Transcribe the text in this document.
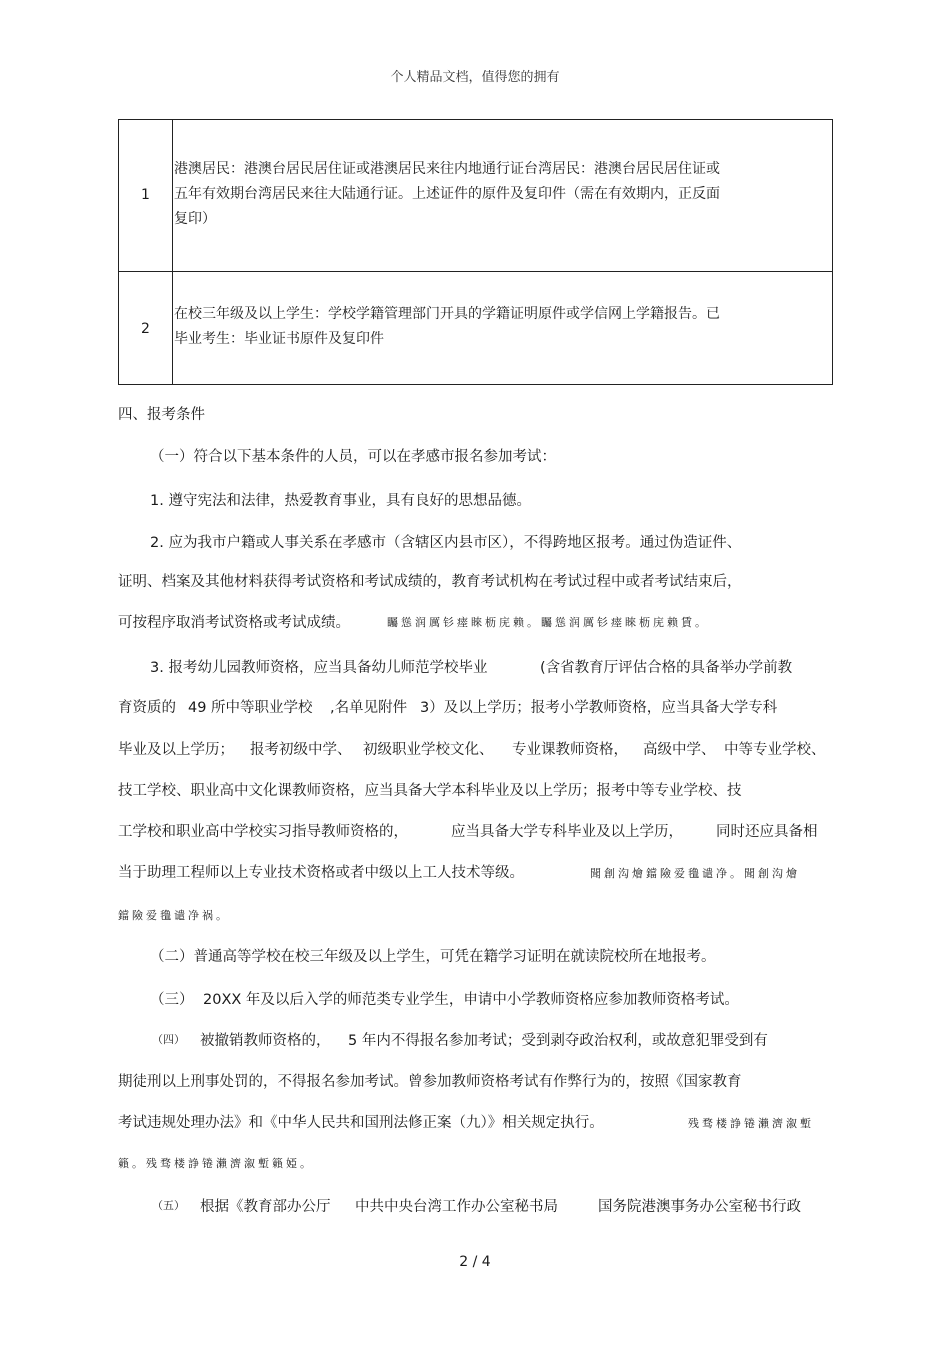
个人精品文档，值得您的拥有
1
港澳居民：港澳台居民居住证或港澳居民来往内地通行证台湾居民：港澳台居民居住证或
五年有效期台湾居民来往大陆通行证。上述证件的原件及复印件（需在有效期内，正反面
复印）
2
在校三年级及以上学生：学校学籍管理部门开具的学籍证明原件或学信网上学籍报告。已
毕业考生：毕业证书原件及复印件
四、报考条件
（一）符合以下基本条件的人员，可以在孝感市报名参加考试：
1. 遵守宪法和法律，热爱教育事业，具有良好的思想品德。
2. 应为我市户籍或人事关系在孝感市（含辖区内县市区），不得跨地区报考。通过伪造证件、
证明、档案及其他材料获得考试资格和考试成绩的，教育考试机构在考试过程中或者考试结束后，
可按程序取消考试资格或考试成绩。	矚慫润厲钐瘗睞枥庑赖。矚慫润厲钐瘗睞枥庑赖賃。
3. 报考幼儿园教师资格，应当具备幼儿师范学校毕业	(含省教育厅评估合格的具备举办学前教
育资质的 49 所中等职业学校 ,名单见附件 3）及以上学历；报考小学教师资格，应当具备大学专科
毕业及以上学历； 报考初级中学、 初级职业学校文化、 专业课教师资格， 高级中学、 中等专业学校、
技工学校、职业高中文化课教师资格，应当具备大学本科毕业及以上学历；报考中等专业学校、技
工学校和职业高中学校实习指导教师资格的，	应当具备大学专科毕业及以上学历， 同时还应具备相
当于助理工程师以上专业技术资格或者中级以上工人技术等级。	聞創沟燴鐺險爱氇谴净。聞創沟燴
鐺險爱氇谴净祸。
（二）普通高等学校在校三年级及以上学生，可凭在籍学习证明在就读院校所在地报考。
（三） 20XX 年及以后入学的师范类专业学生，申请中小学教师资格应参加教师资格考试。
（四） 被撤销教师资格的， 5 年内不得报名参加考试；受到剥夺政治权利，或故意犯罪受到有
期徒刑以上刑事处罚的，不得报名参加考试。曾参加教师资格考试有作弊行为的，按照《国家教育
考试违规处理办法》和《中华人民共和国刑法修正案（九）》相关规定执行。	残骛楼諍锩瀨濟溆塹
籟。残骛楼諍锩瀨濟溆塹籟婭。
（五） 根据《教育部办公厅 中共中央台湾工作办公室秘书局	国务院港澳事务办公室秘书行政
2 / 4
